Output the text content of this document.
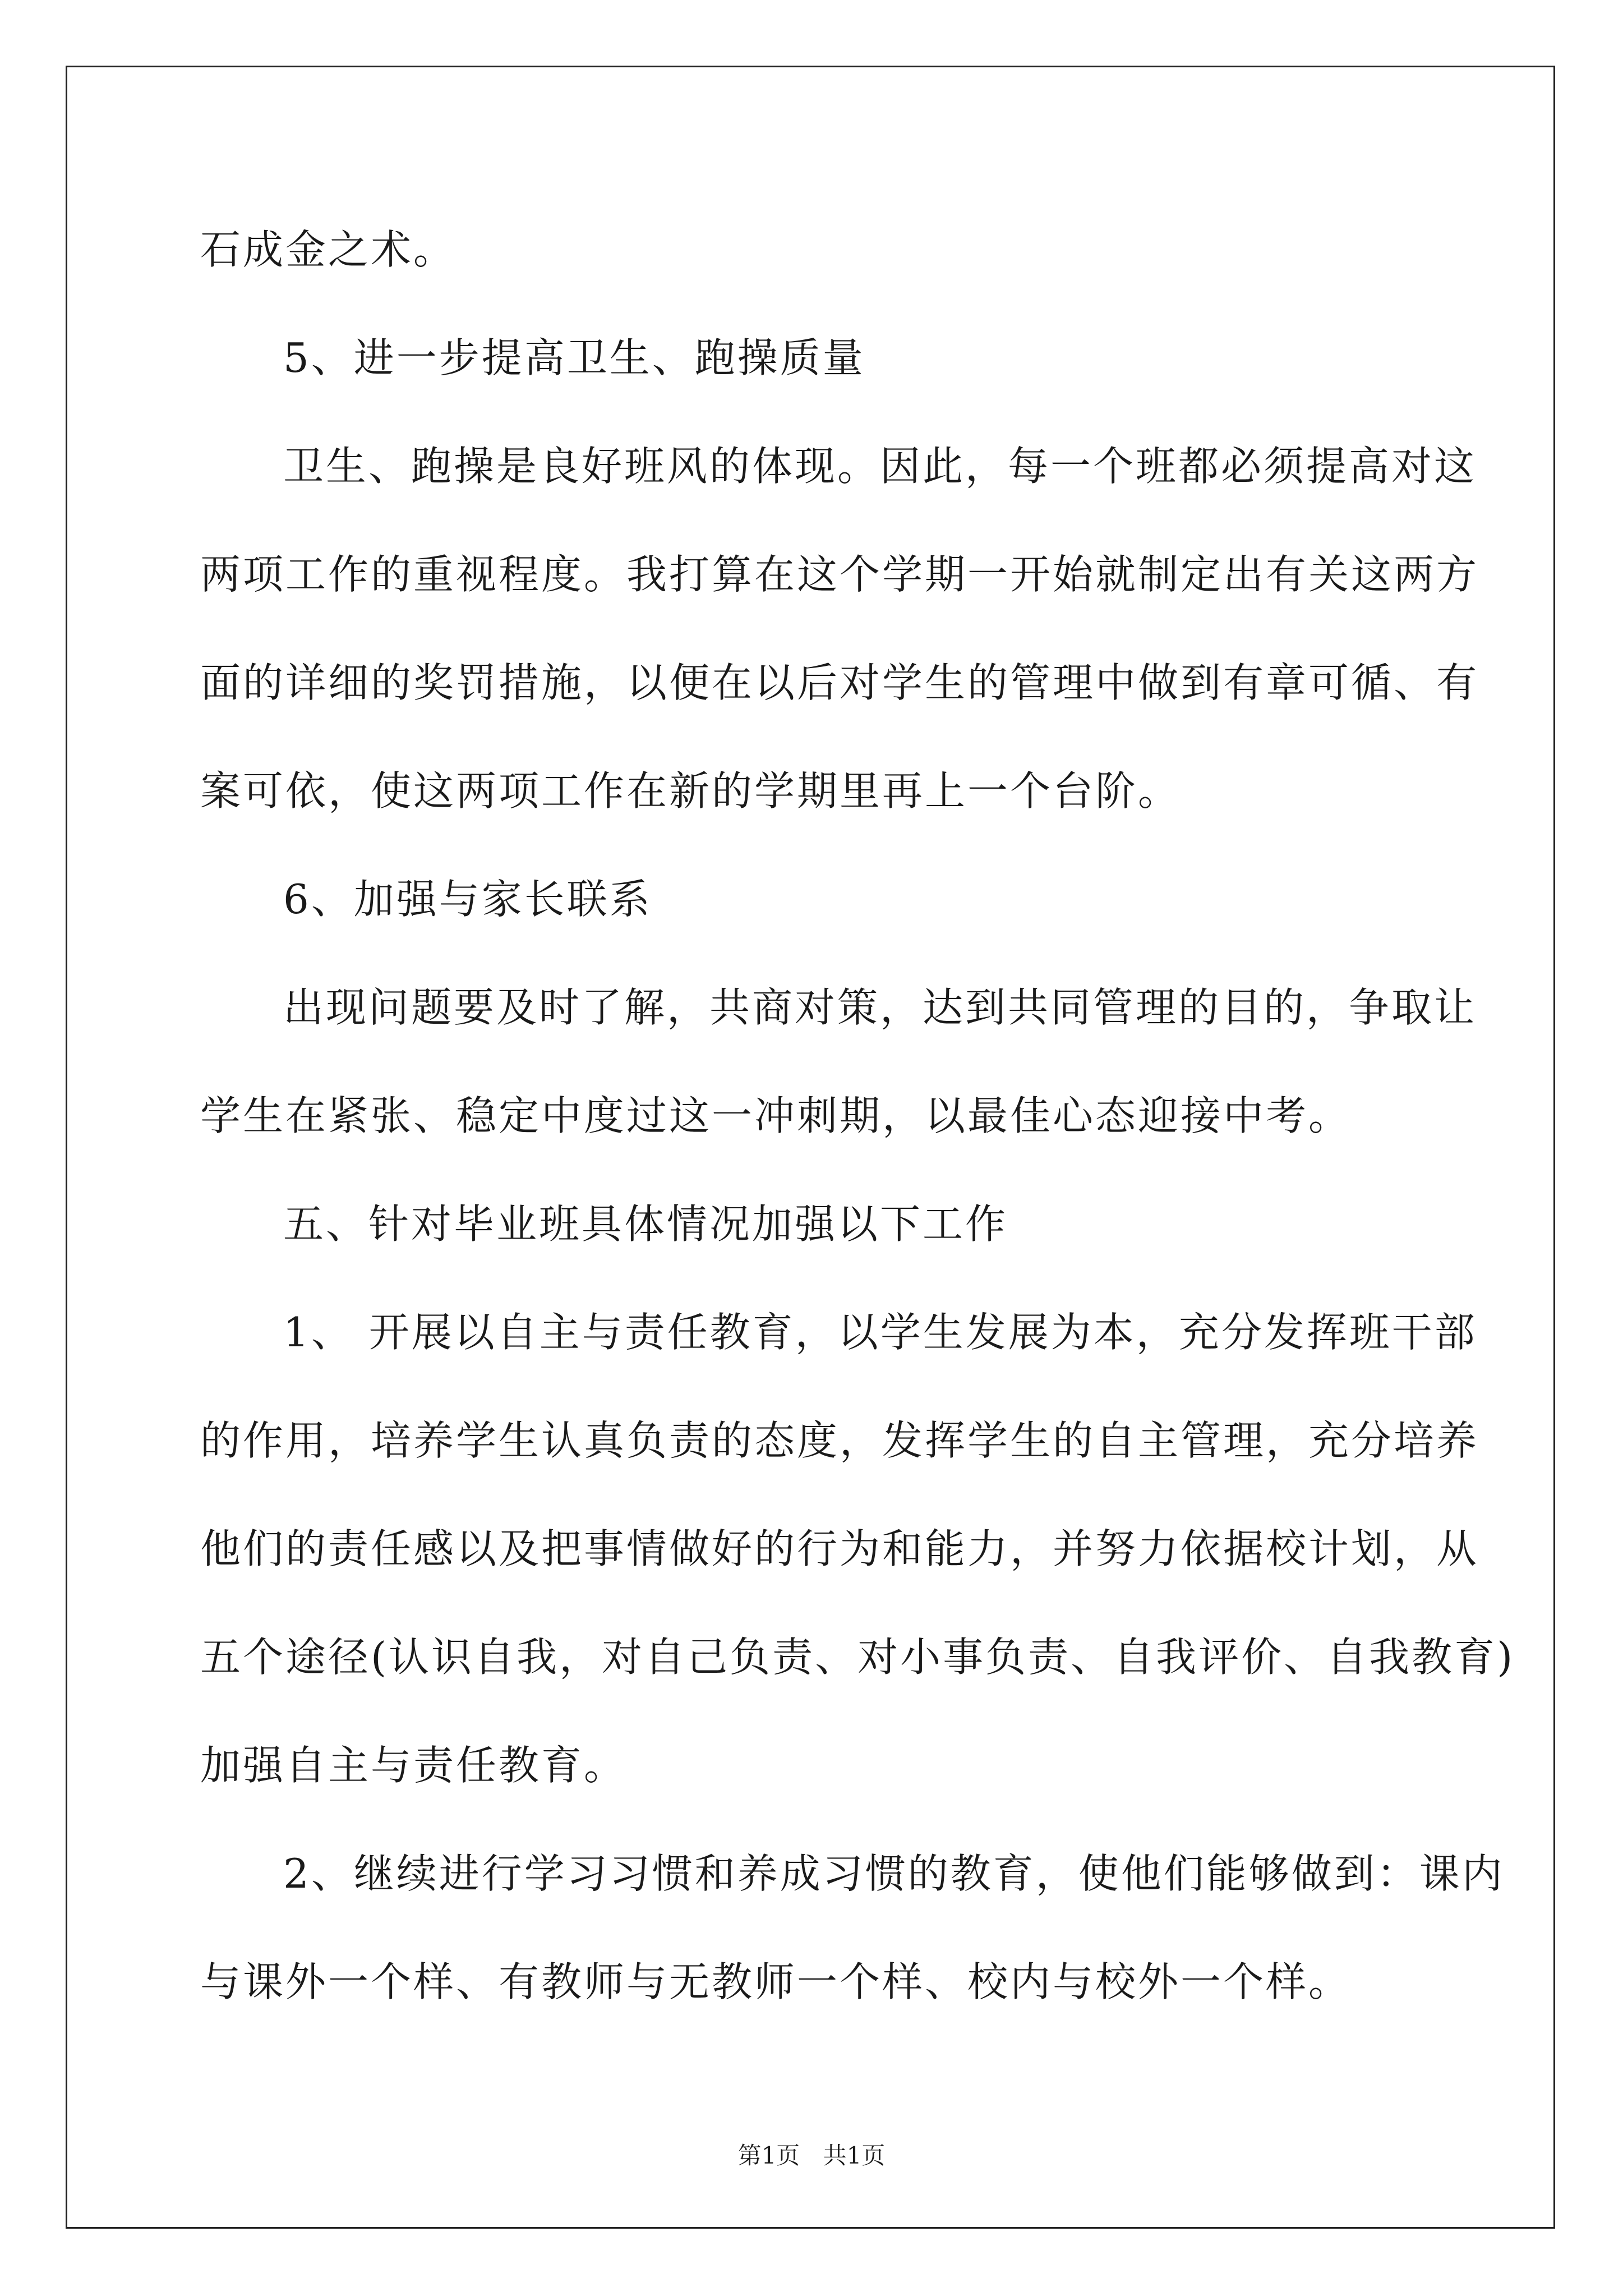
石成金之术。
5、进一步提高卫生、跑操质量
卫生、跑操是良好班风的体现。因此，每一个班都必须提高对这
两项工作的重视程度。我打算在这个学期一开始就制定出有关这两方
面的详细的奖罚措施，以便在以后对学生的管理中做到有章可循、有
案可依，使这两项工作在新的学期里再上一个台阶。
6、加强与家长联系
出现问题要及时了解，共商对策，达到共同管理的目的，争取让
学生在紧张、稳定中度过这一冲刺期，以最佳心态迎接中考。
五、针对毕业班具体情况加强以下工作
1、 开展以自主与责任教育，以学生发展为本，充分发挥班干部
的作用，培养学生认真负责的态度，发挥学生的自主管理，充分培养
他们的责任感以及把事情做好的行为和能力，并努力依据校计划，从
五个途径(认识自我，对自己负责、对小事负责、自我评价、自我教育)
加强自主与责任教育。
2、继续进行学习习惯和养成习惯的教育，使他们能够做到：课内
与课外一个样、有教师与无教师一个样、校内与校外一个样。
第1页 共1页
